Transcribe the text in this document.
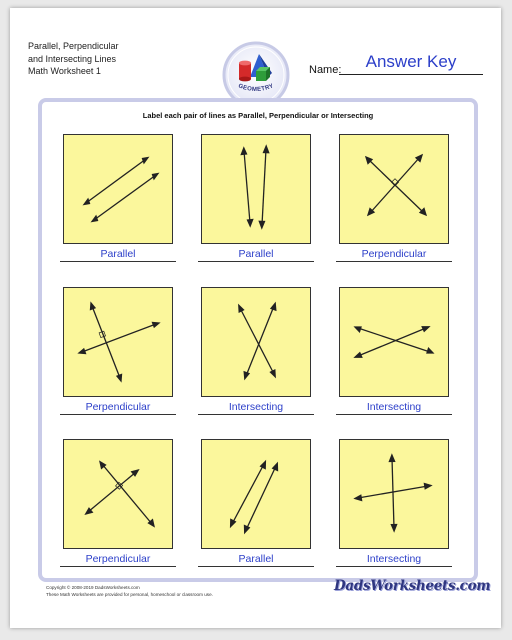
Parallel, Perpendicular
and Intersecting Lines
Math Worksheet 1
GEOMETRY
Answer Key
Name:
Label each pair of lines as Parallel, Perpendicular or Intersecting
Parallel	Parallel	Perpendicular
Perpendicular	Intersecting	Intersecting
Perpendicular	Parallel	Intersecting
Copyright © 2008-2019 DadsWorksheets.com
These Math Worksheets are provided for personal, homeschool or classroom use.
DadsWorksheets.com
